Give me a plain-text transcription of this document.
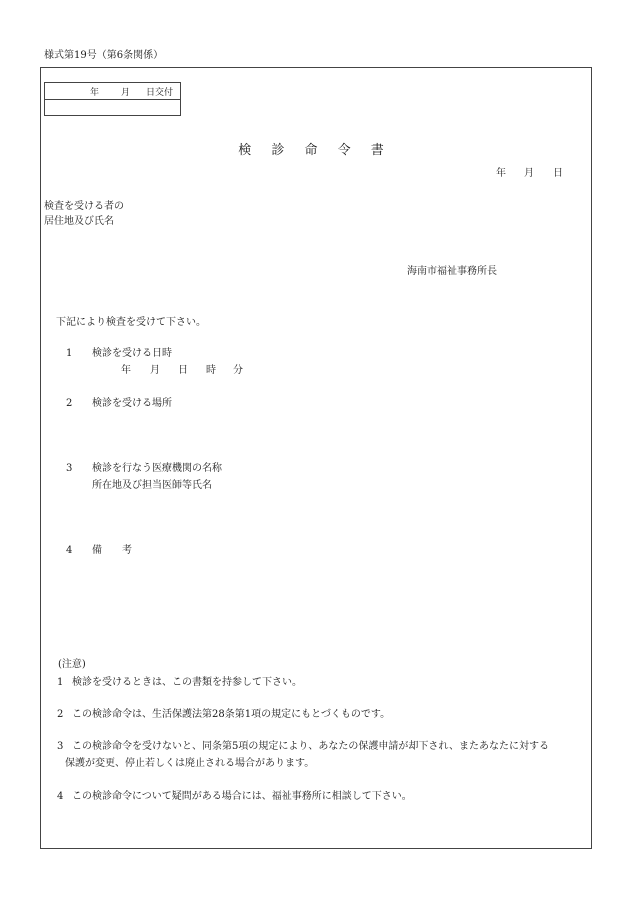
様式第19号（第6条関係）
年 月 日交付
検 診 命 令 書
年 月 日
検査を受ける者の
居住地及び氏名
海南市福祉事務所長
下記により検査を受けて下さい。
1 検診を受ける日時
年 月 日 時 分
2 検診を受ける場所
3 検診を行なう医療機関の名称
所在地及び担当医師等氏名
4 備　　考
(注意)
1 検診を受けるときは、この書類を持参して下さい。
2 この検診命令は、生活保護法第28条第1項の規定にもとづくものです。
3 この検診命令を受けないと、同条第5項の規定により、あなたの保護申請が却下され、またあなたに対する
保護が変更、停止若しくは廃止される場合があります。
4 この検診命令について疑問がある場合には、福祉事務所に相談して下さい。
